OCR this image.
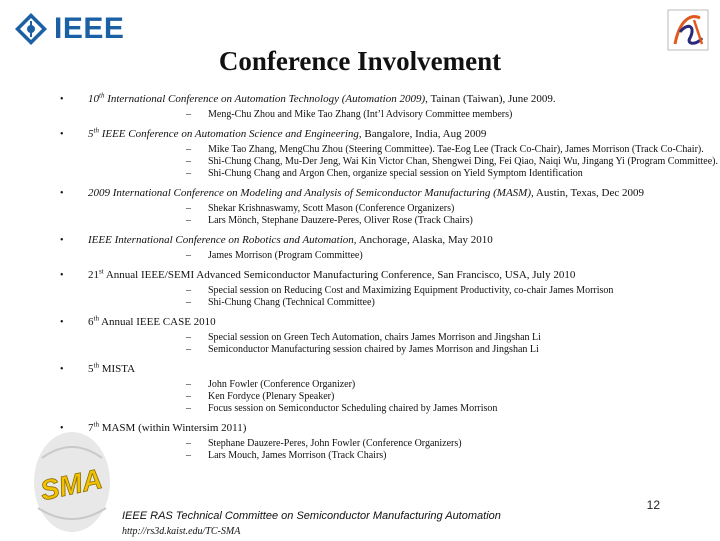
IEEE
Conference Involvement
• 10th International Conference on Automation Technology (Automation 2009), Tainan (Taiwan), June 2009.
– Meng-Chu Zhou and Mike Tao Zhang (Int’l Advisory Committee members)
• 5th IEEE Conference on Automation Science and Engineering, Bangalore, India, Aug 2009
– Mike Tao Zhang, MengChu Zhou (Steering Committee). Tae-Eog Lee (Track Co-Chair), James Morrison (Track Co-Chair).
– Shi-Chung Chang, Mu-Der Jeng, Wai Kin Victor Chan, Shengwei Ding, Fei Qiao, Naiqi Wu, Jingang Yi (Program Committee).
– Shi-Chung Chang and Argon Chen, organize special session on Yield Symptom Identification
• 2009 International Conference on Modeling and Analysis of Semiconductor Manufacturing (MASM), Austin, Texas, Dec 2009
– Shekar Krishnaswamy, Scott Mason (Conference Organizers)
– Lars Mönch, Stephane Dauzere-Peres, Oliver Rose (Track Chairs)
• IEEE International Conference on Robotics and Automation, Anchorage, Alaska, May 2010
– James Morrison (Program Committee)
• 21st Annual IEEE/SEMI Advanced Semiconductor Manufacturing Conference, San Francisco, USA, July 2010
– Special session on Reducing Cost and Maximizing Equipment Productivity, co-chair James Morrison
– Shi-Chung Chang (Technical Committee)
• 6th Annual IEEE CASE 2010
– Special session on Green Tech Automation, chairs James Morrison and Jingshan Li
– Semiconductor Manufacturing session chaired by James Morrison and Jingshan Li
• 5th MISTA
– John Fowler (Conference Organizer)
– Ken Fordyce (Plenary Speaker)
– Focus session on Semiconductor Scheduling chaired by James Morrison
• 7th MASM (within Wintersim 2011)
– Stephane Dauzere-Peres, John Fowler (Conference Organizers)
– Lars Mouch, James Morrison (Track Chairs)
SMA
IEEE RAS Technical Committee on Semiconductor Manufacturing Automation
http://rs3d.kaist.edu/TC-SMA
12
